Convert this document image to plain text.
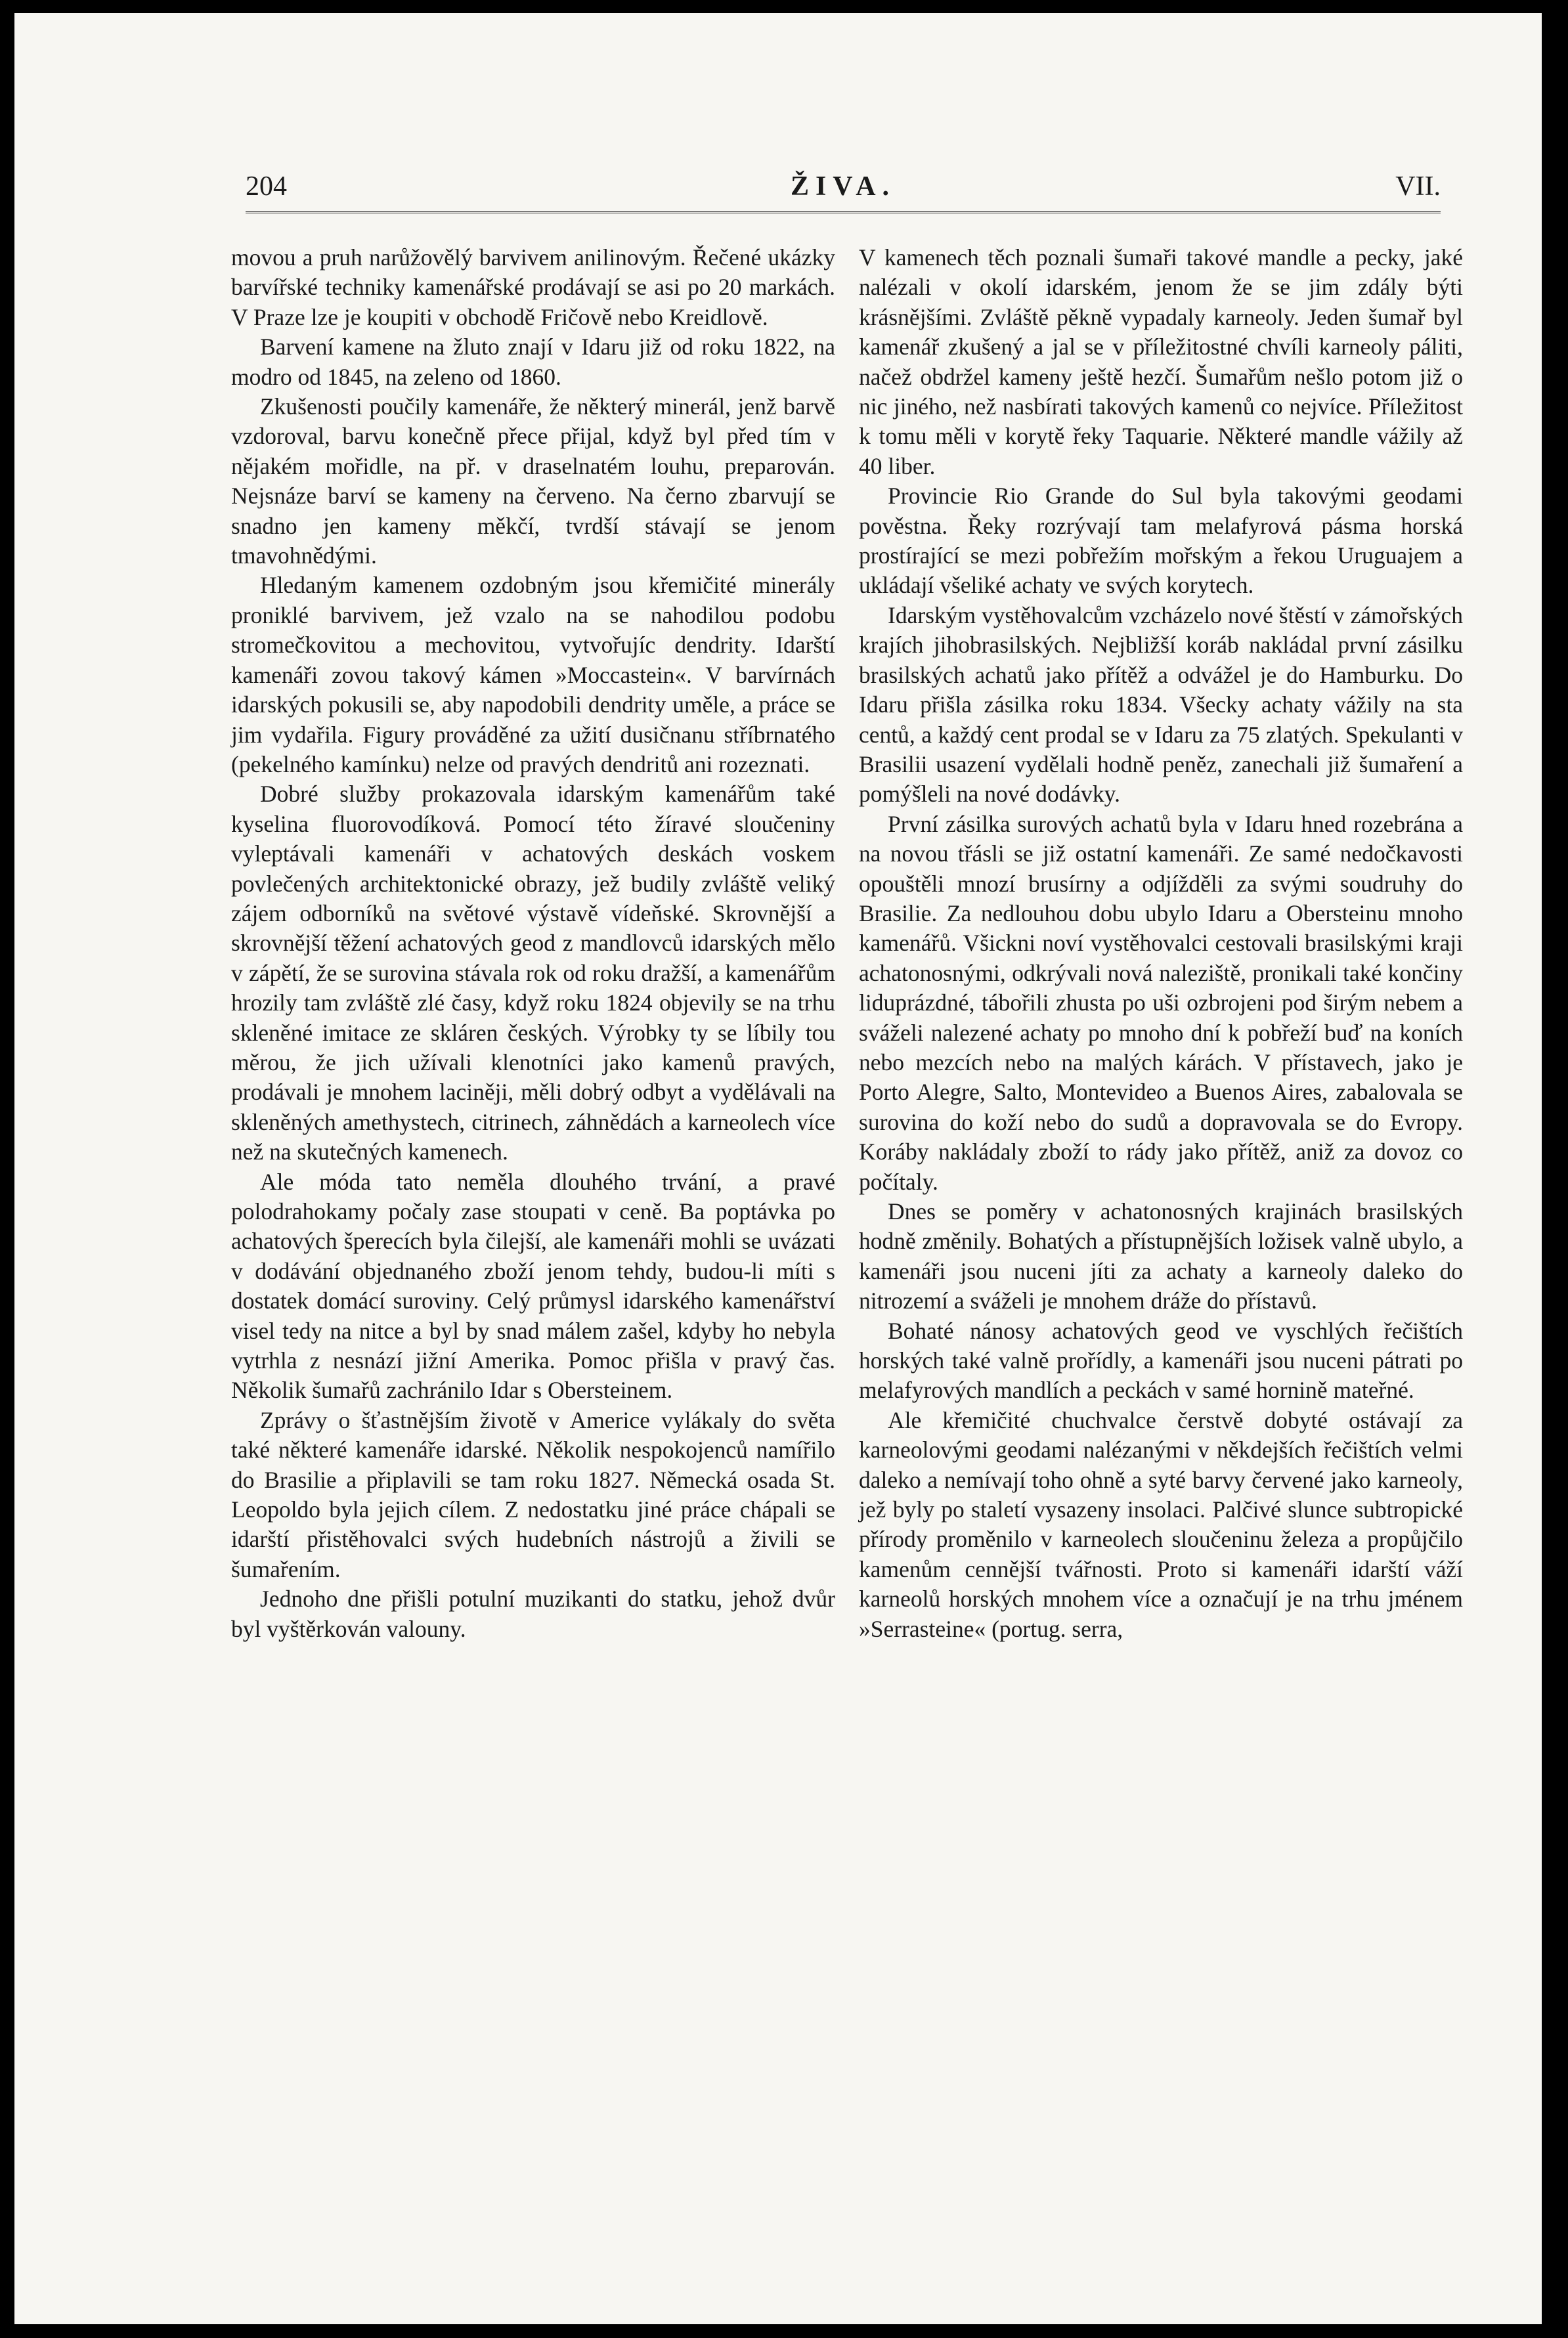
204	ŽIVA.	VII.

movou a pruh narůžovělý barvivem anilinovým. Řečené ukázky barvířské techniky kamenářské prodávají se asi po 20 markách. V Praze lze je koupiti v obchodě Fričově nebo Kreidlově.

Barvení kamene na žluto znají v Idaru již od roku 1822, na modro od 1845, na zeleno od 1860.

Zkušenosti poučily kamenáře, že některý minerál, jenž barvě vzdoroval, barvu konečně přece přijal, když byl před tím v nějakém mořidle, na př. v draselnatém louhu, preparován. Nejsnáze barví se kameny na červeno. Na černo zbarvují se snadno jen kameny měkčí, tvrdší stávají se jenom tmavohnědými.

Hledaným kamenem ozdobným jsou křemičité minerály proniklé barvivem, jež vzalo na se nahodilou podobu stromečkovitou a mechovitou, vytvořujíc dendrity. Idarští kamenáři zovou takový kámen »Moccastein«. V barvírnách idarských pokusili se, aby napodobili dendrity uměle, a práce se jim vydařila. Figury prováděné za užití dusičnanu stříbrnatého (pekelného kamínku) nelze od pravých dendritů ani rozeznati.

Dobré služby prokazovala idarským kamenářům také kyselina fluorovodíková. Pomocí této žíravé sloučeniny vyleptávali kamenáři v achatových deskách voskem povlečených architektonické obrazy, jež budily zvláště veliký zájem odborníků na světové výstavě vídeňské. Skrovnější a skrovnější těžení achatových geod z mandlovců idarských mělo v zápětí, že se surovina stávala rok od roku dražší, a kamenářům hrozily tam zvláště zlé časy, když roku 1824 objevily se na trhu skleněné imitace ze skláren českých. Výrobky ty se líbily tou měrou, že jich užívali klenotníci jako kamenů pravých, prodávali je mnohem laciněji, měli dobrý odbyt a vydělávali na skleněných amethystech, citrinech, záhnědách a karneolech více než na skutečných kamenech.

Ale móda tato neměla dlouhého trvání, a pravé polodrahokamy počaly zase stoupati v ceně. Ba poptávka po achatových šperecích byla čilejší, ale kamenáři mohli se uvázati v dodávání objednaného zboží jenom tehdy, budou-li míti s dostatek domácí suroviny. Celý průmysl idarského kamenářství visel tedy na nitce a byl by snad málem zašel, kdyby ho nebyla vytrhla z nesnází jižní Amerika. Pomoc přišla v pravý čas. Několik šumařů zachránilo Idar s Obersteinem.

Zprávy o šťastnějším životě v Americe vylákaly do světa také některé kamenáře idarské. Několik nespokojenců namířilo do Brasilie a připlavili se tam roku 1827. Německá osada St. Leopoldo byla jejich cílem. Z nedostatku jiné práce chápali se idarští přistěhovalci svých hudebních nástrojů a živili se šumařením.

Jednoho dne přišli potulní muzikanti do statku, jehož dvůr byl vyštěrkován valouny.

V kamenech těch poznali šumaři takové mandle a pecky, jaké nalézali v okolí idarském, jenom že se jim zdály býti krásnějšími. Zvláště pěkně vypadaly karneoly. Jeden šumař byl kamenář zkušený a jal se v příležitostné chvíli karneoly páliti, načež obdržel kameny ještě hezčí. Šumařům nešlo potom již o nic jiného, než nasbírati takových kamenů co nejvíce. Příležitost k tomu měli v korytě řeky Taquarie. Některé mandle vážily až 40 liber.

Provincie Rio Grande do Sul byla takovými geodami pověstna. Řeky rozrývají tam melafyrová pásma horská prostírající se mezi pobřežím mořským a řekou Uruguajem a ukládají všeliké achaty ve svých korytech.

Idarským vystěhovalcům vzcházelo nové štěstí v zámořských krajích jihobrasilských. Nejbližší koráb nakládal první zásilku brasilských achatů jako přítěž a odvážel je do Hamburku. Do Idaru přišla zásilka roku 1834. Všecky achaty vážily na sta centů, a každý cent prodal se v Idaru za 75 zlatých. Spekulanti v Brasilii usazení vydělali hodně peněz, zanechali již šumaření a pomýšleli na nové dodávky.

První zásilka surových achatů byla v Idaru hned rozebrána a na novou třásli se již ostatní kamenáři. Ze samé nedočkavosti opouštěli mnozí brusírny a odjížděli za svými soudruhy do Brasilie. Za nedlouhou dobu ubylo Idaru a Obersteinu mnoho kamenářů. Všickni noví vystěhovalci cestovali brasilskými kraji achatonosnými, odkrývali nová naleziště, pronikali také končiny liduprázdné, tábořili zhusta po uši ozbrojeni pod širým nebem a sváželi nalezené achaty po mnoho dní k pobřeží buď na koních nebo mezcích nebo na malých kárách. V přístavech, jako je Porto Alegre, Salto, Montevideo a Buenos Aires, zabalovala se surovina do koží nebo do sudů a dopravovala se do Evropy. Koráby nakládaly zboží to rády jako přítěž, aniž za dovoz co počítaly.

Dnes se poměry v achatonosných krajinách brasilských hodně změnily. Bohatých a přístupnějších ložisek valně ubylo, a kamenáři jsou nuceni jíti za achaty a karneoly daleko do nitrozemí a sváželi je mnohem dráže do přístavů.

Bohaté nánosy achatových geod ve vyschlých řečištích horských také valně prořídly, a kamenáři jsou nuceni pátrati po melafyrových mandlích a peckách v samé hornině mateřné.

Ale křemičité chuchvalce čerstvě dobyté ostávají za karneolovými geodami nalézanými v někdejších řečištích velmi daleko a nemívají toho ohně a syté barvy červené jako karneoly, jež byly po staletí vysazeny insolaci. Palčivé slunce subtropické přírody proměnilo v karneolech sloučeninu železa a propůjčilo kamenům cennější tvářnosti. Proto si kamenáři idarští váží karneolů horských mnohem více a označují je na trhu jménem »Serrasteine« (portug. serra,
